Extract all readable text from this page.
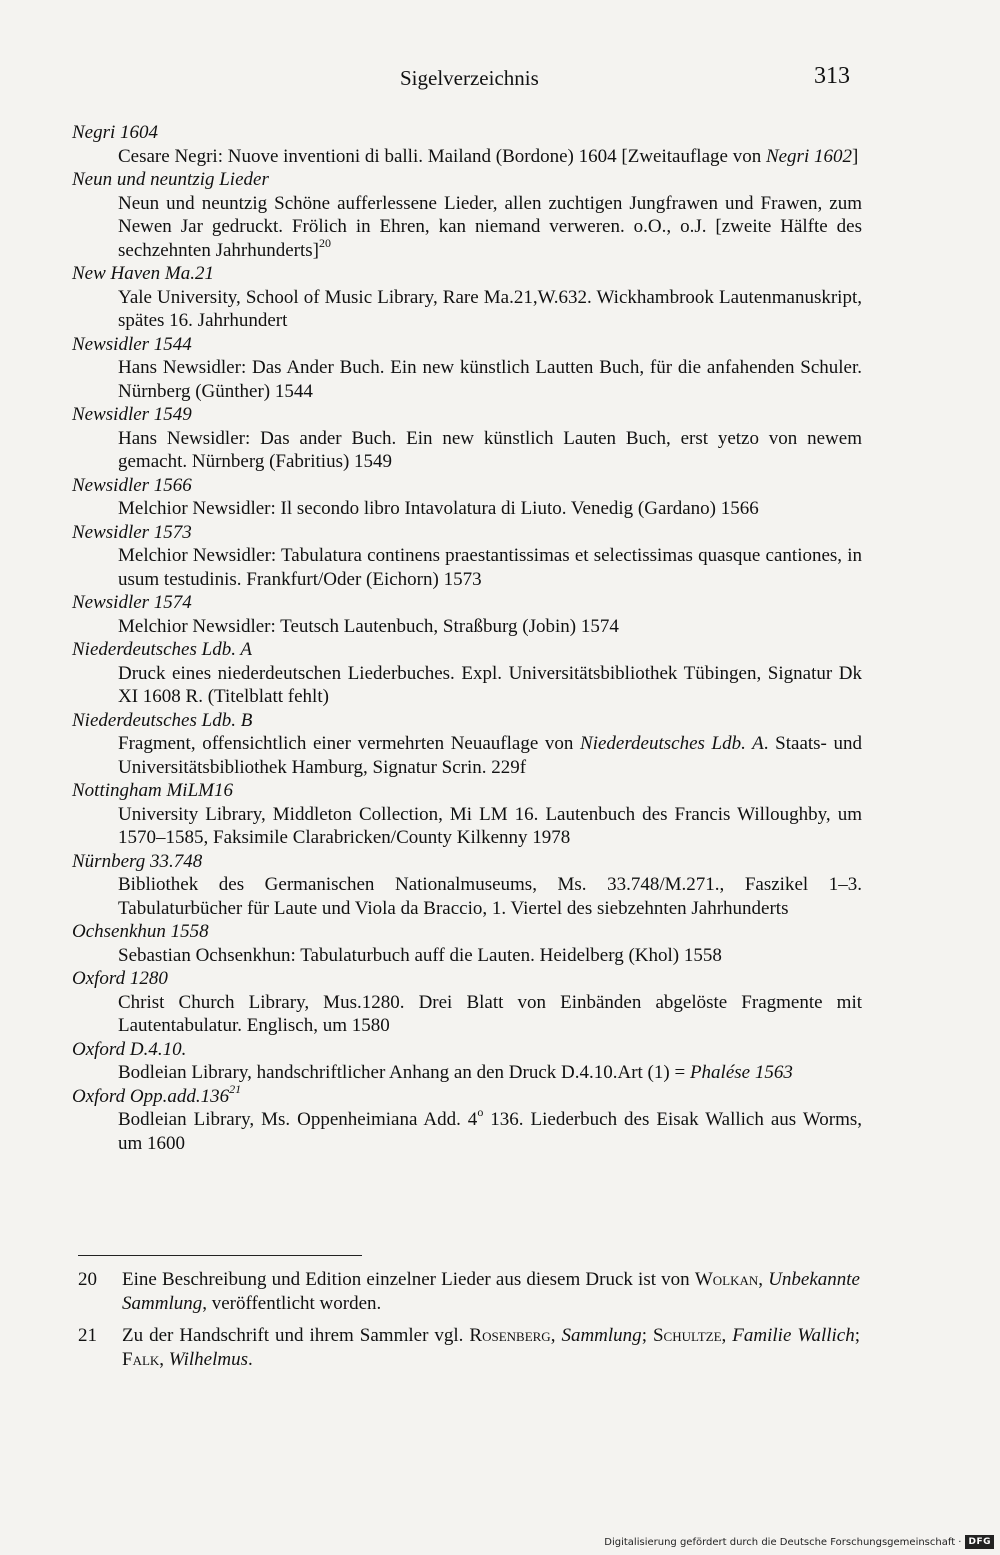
Sigelverzeichnis	313
Negri 1604
Cesare Negri: Nuove inventioni di balli. Mailand (Bordone) 1604 [Zweitauflage von Negri 1602]
Neun und neuntzig Lieder
Neun und neuntzig Schöne aufferlessene Lieder, allen zuchtigen Jungfrawen und Frawen, zum Newen Jar gedruckt. Frölich in Ehren, kan niemand verweren. o.O., o.J. [zweite Hälfte des sechzehnten Jahrhunderts]$^{20}$
New Haven Ma.21
Yale University, School of Music Library, Rare Ma.21,W.632. Wickhambrook Lautenmanuskript, spätes 16. Jahrhundert
Newsidler 1544
Hans Newsidler: Das Ander Buch. Ein new künstlich Lautten Buch, für die anfahenden Schuler. Nürnberg (Günther) 1544
Newsidler 1549
Hans Newsidler: Das ander Buch. Ein new künstlich Lauten Buch, erst yetzo von newem gemacht. Nürnberg (Fabritius) 1549
Newsidler 1566
Melchior Newsidler: Il secondo libro Intavolatura di Liuto. Venedig (Gardano) 1566
Newsidler 1573
Melchior Newsidler: Tabulatura continens praestantissimas et selectissimas quasque cantiones, in usum testudinis. Frankfurt/Oder (Eichorn) 1573
Newsidler 1574
Melchior Newsidler: Teutsch Lautenbuch, Straßburg (Jobin) 1574
Niederdeutsches Ldb. A
Druck eines niederdeutschen Liederbuches. Expl. Universitätsbibliothek Tübingen, Signatur Dk XI 1608 R. (Titelblatt fehlt)
Niederdeutsches Ldb. B
Fragment, offensichtlich einer vermehrten Neuauflage von Niederdeutsches Ldb. A. Staats- und Universitätsbibliothek Hamburg, Signatur Scrin. 229f
Nottingham MiLM16
University Library, Middleton Collection, Mi LM 16. Lautenbuch des Francis Willoughby, um 1570–1585, Faksimile Clarabricken/County Kilkenny 1978
Nürnberg 33.748
Bibliothek des Germanischen Nationalmuseums, Ms. 33.748/M.271., Faszikel 1–3. Tabulaturbücher für Laute und Viola da Braccio, 1. Viertel des siebzehnten Jahrhunderts
Ochsenkhun 1558
Sebastian Ochsenkhun: Tabulaturbuch auff die Lauten. Heidelberg (Khol) 1558
Oxford 1280
Christ Church Library, Mus.1280. Drei Blatt von Einbänden abgelöste Fragmente mit Lautentabulatur. Englisch, um 1580
Oxford D.4.10.
Bodleian Library, handschriftlicher Anhang an den Druck D.4.10.Art (1) = Phalése 1563
Oxford Opp.add.136$^{21}$
Bodleian Library, Ms. Oppenheimiana Add. 4$^o$ 136. Liederbuch des Eisak Wallich aus Worms, um 1600
20	Eine Beschreibung und Edition einzelner Lieder aus diesem Druck ist von Wolkan, Unbekannte Sammlung, veröffentlicht worden.
21	Zu der Handschrift und ihrem Sammler vgl. Rosenberg, Sammlung; Schultze, Familie Wallich; Falk, Wilhelmus.
Digitalisierung gefördert durch die Deutsche Forschungsgemeinschaft · DFG
